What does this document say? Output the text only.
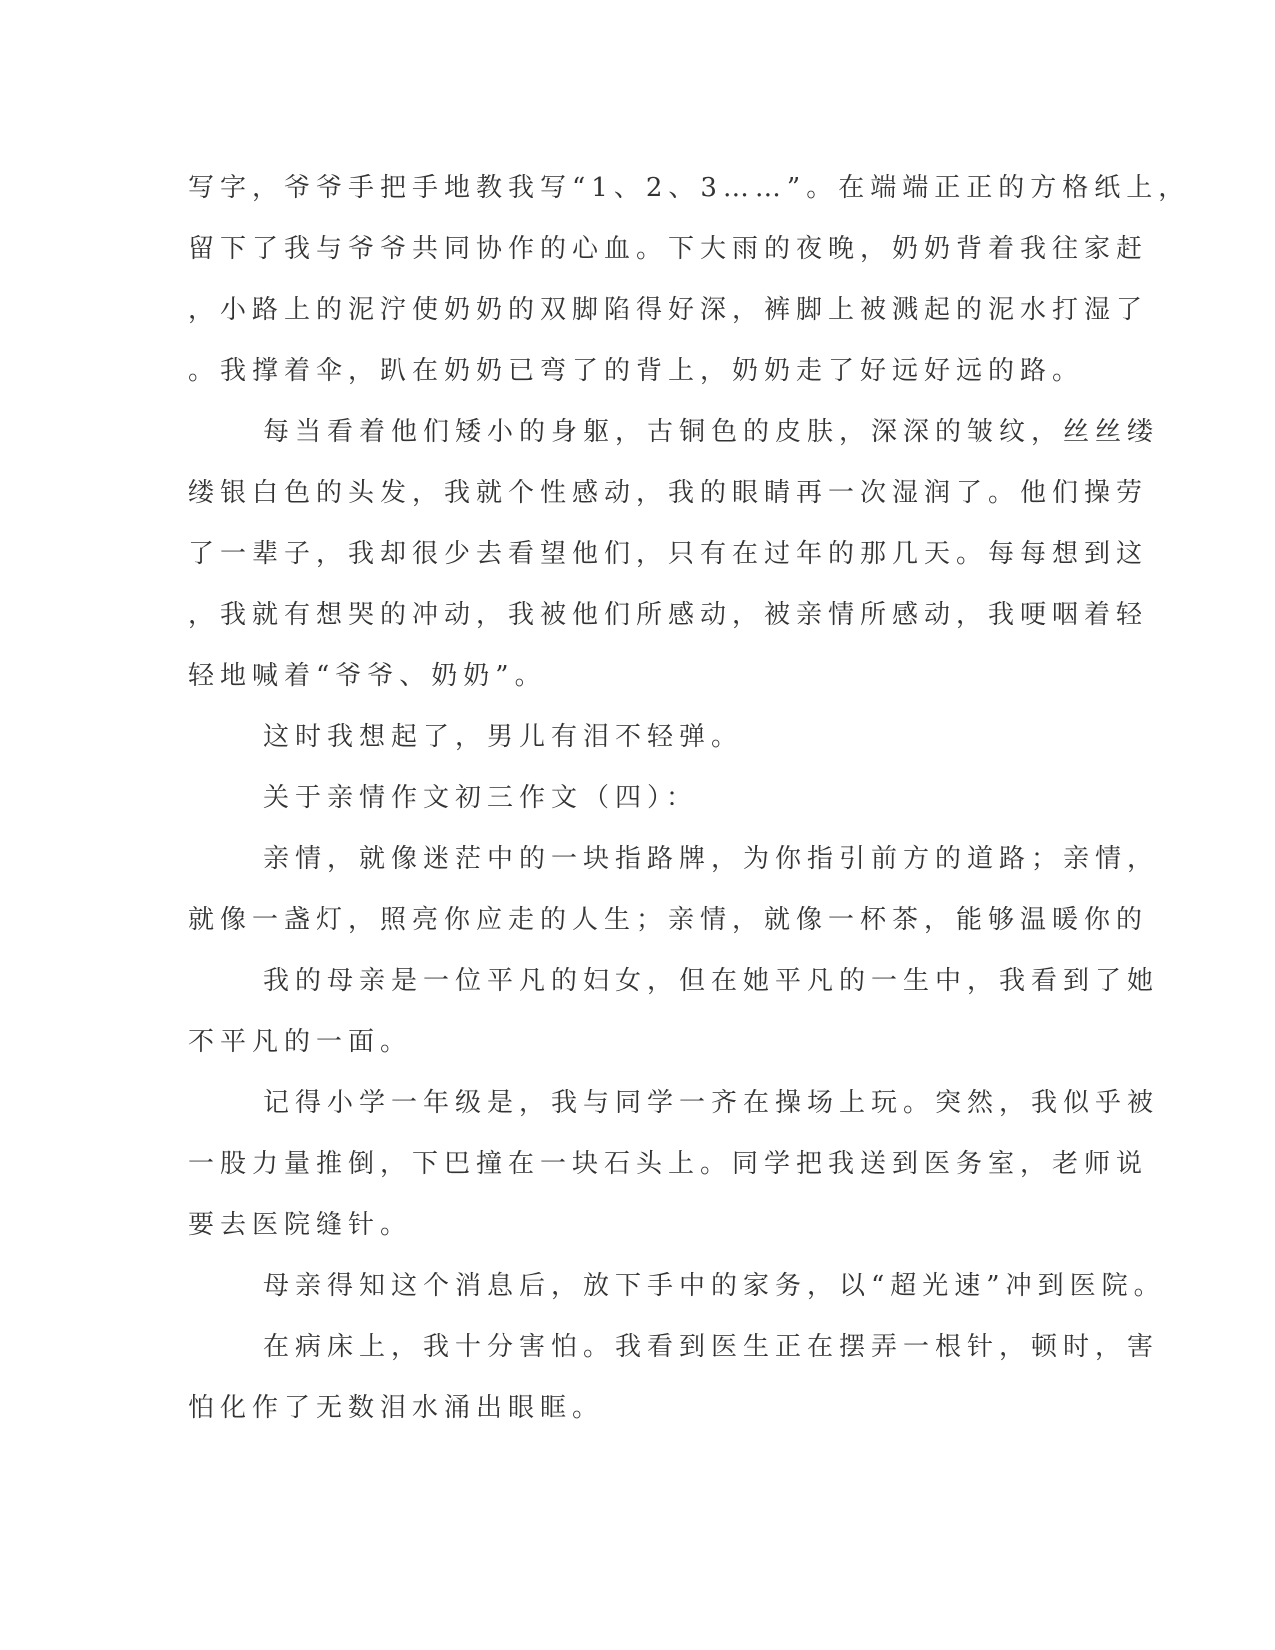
写字，爷爷手把手地教我写“1、2、3……”。在端端正正的方格纸上，
留下了我与爷爷共同协作的心血。下大雨的夜晚，奶奶背着我往家赶
，小路上的泥泞使奶奶的双脚陷得好深，裤脚上被溅起的泥水打湿了
。我撑着伞，趴在奶奶已弯了的背上，奶奶走了好远好远的路。
每当看着他们矮小的身躯，古铜色的皮肤，深深的皱纹，丝丝缕
缕银白色的头发，我就个性感动，我的眼睛再一次湿润了。他们操劳
了一辈子，我却很少去看望他们，只有在过年的那几天。每每想到这
，我就有想哭的冲动，我被他们所感动，被亲情所感动，我哽咽着轻
轻地喊着“爷爷、奶奶”。
这时我想起了，男儿有泪不轻弹。
关于亲情作文初三作文（四）：
亲情，就像迷茫中的一块指路牌，为你指引前方的道路；亲情，
就像一盏灯，照亮你应走的人生；亲情，就像一杯茶，能够温暖你的
我的母亲是一位平凡的妇女，但在她平凡的一生中，我看到了她
不平凡的一面。
记得小学一年级是，我与同学一齐在操场上玩。突然，我似乎被
一股力量推倒，下巴撞在一块石头上。同学把我送到医务室，老师说
要去医院缝针。
母亲得知这个消息后，放下手中的家务，以“超光速”冲到医院。
在病床上，我十分害怕。我看到医生正在摆弄一根针，顿时，害
怕化作了无数泪水涌出眼眶。
